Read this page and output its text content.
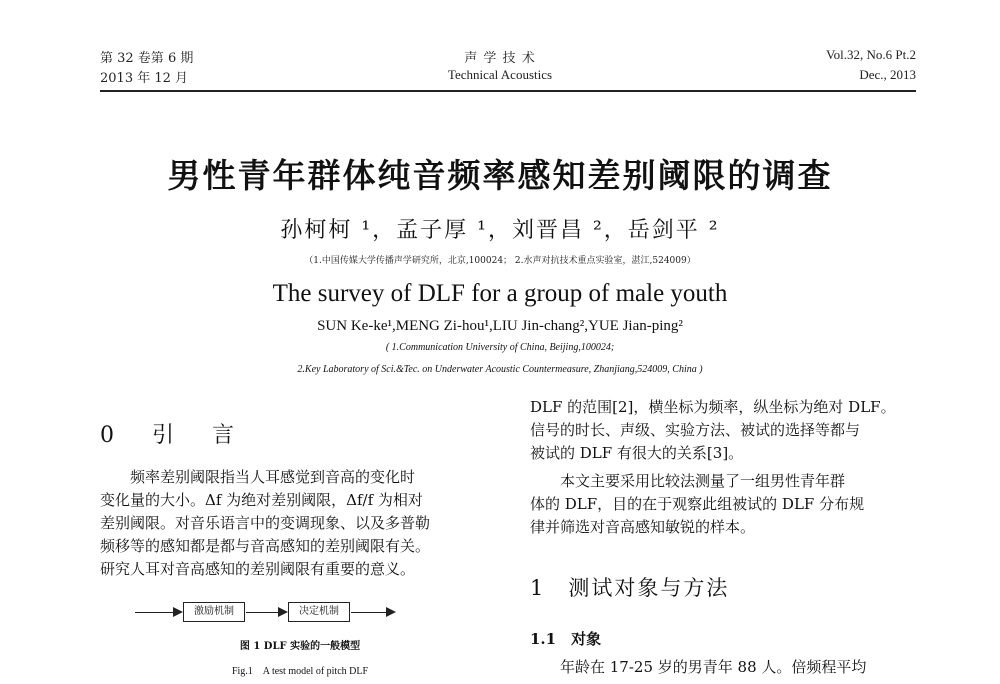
第 32 卷第 6 期
2013 年 12 月
声 学 技 术
Technical Acoustics
Vol.32, No.6 Pt.2
Dec., 2013
男性青年群体纯音频率感知差别阈限的调查
孙柯柯 ¹，孟子厚 ¹，刘晋昌 ²，岳剑平 ²
（1.中国传媒大学传播声学研究所，北京,100024； 2.水声对抗技术重点实验室，湛江,524009）
The survey of DLF for a group of male youth
SUN Ke-ke¹,MENG Zi-hou¹,LIU Jin-chang²,YUE Jian-ping²
( 1.Communication University of China, Beijing,100024;
2.Key Laboratory of Sci.&Tec. on Underwater Acoustic Countermeasure, Zhanjiang,524009, China )
0　引　言
　　频率差别阈限指当人耳感觉到音高的变化时
变化量的大小。Δf 为绝对差别阈限，Δf/f 为相对
差别阈限。对音乐语言中的变调现象、以及多普勒
频移等的感知都是都与音高感知的差别阈限有关。
研究人耳对音高感知的差别阈限有重要的意义。
激励机制	决定机制
图 1 DLF 实验的一般模型
Fig.1　A test model of pitch DLF
DLF 的范围[2]，横坐标为频率，纵坐标为绝对 DLF。
信号的时长、声级、实验方法、被试的选择等都与
被试的 DLF 有很大的关系[3]。
　　本文主要采用比较法测量了一组男性青年群
体的 DLF，目的在于观察此组被试的 DLF 分布规
律并筛选对音高感知敏锐的样本。
1　测试对象与方法
1.1　对象
　　年龄在 17-25 岁的男青年 88 人。倍频程平均
